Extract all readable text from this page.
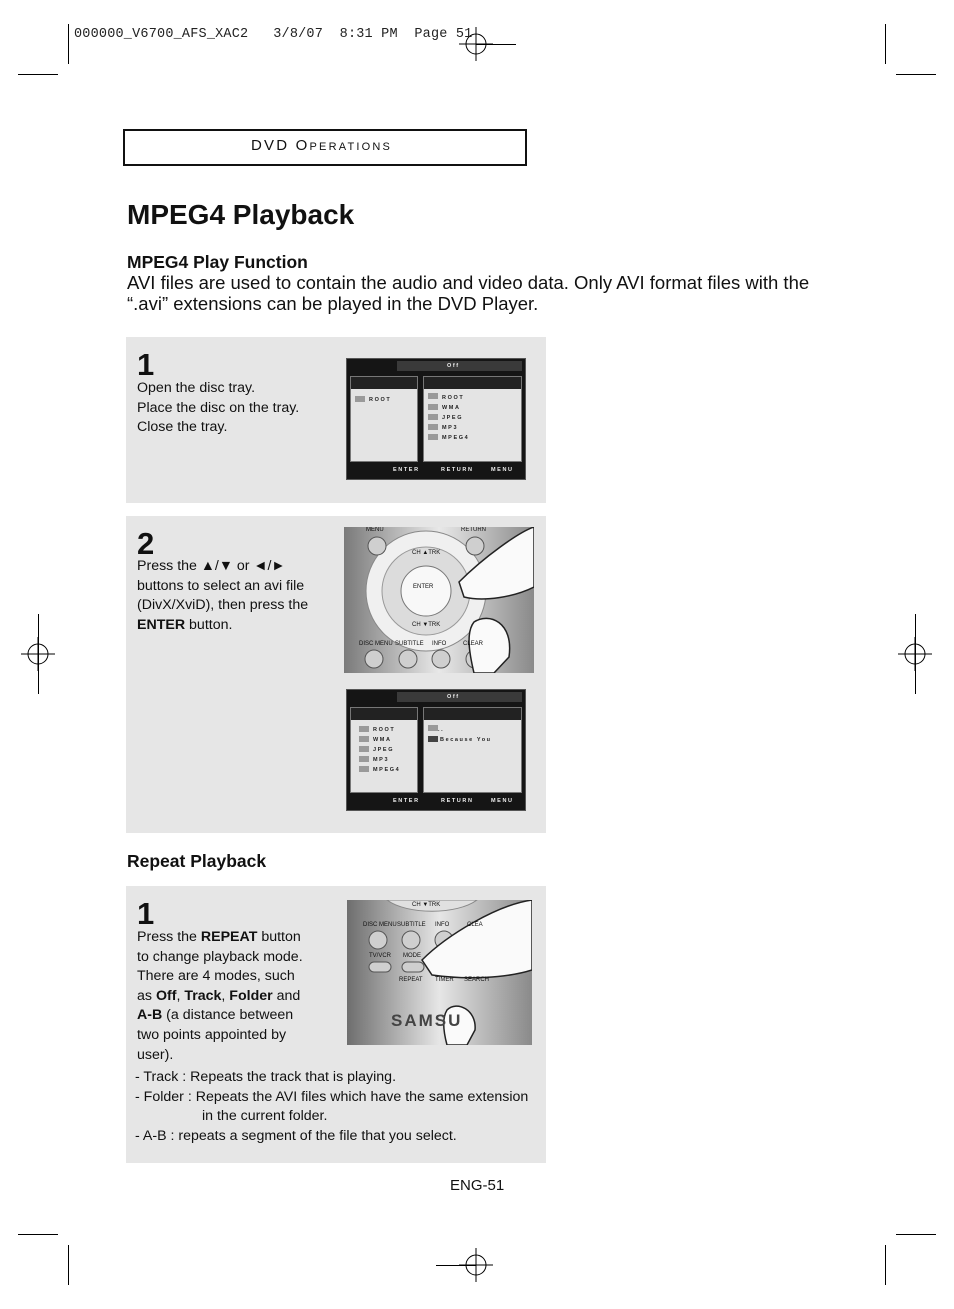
000000_V6700_AFS_XAC2   3/8/07  8:31 PM  Page 51
DVD Operations
MPEG4 Playback
MPEG4 Play Function

AVI files are used to contain the audio and video data. Only AVI format files with the “.avi” extensions can be played in the DVD Player.

1
Open the disc tray.
Place the disc on the tray.
Close the tray.
Off
ROOT	ROOT
WMA
JPEG
MP3
MPEG4
ENTER	RETURN	MENU
2
Press the ▲/▼ or ◄/► buttons to select an avi file (DivX/XviD), then press the ENTER button.
MENU	RETURN
CH ▲TRK
ENTER
CH ▼TRK
DISC MENU SUBTITLE INFO	CLEAR
Off
ROOT
WMA
JPEG
MP3
MPEG4
..
Because You
ENTER	RETURN	MENU
Repeat Playback
1
Press the REPEAT button to change playback mode. There are 4 modes, such as Off, Track, Folder and A-B (a distance between two points appointed by user).
CH ▼TRK
DISC MENU SUBTITLE INFO	CLEA
TV/VCR MODE
REPEAT TIMER SEARCH
SAMSU
- Track : Repeats the track that is playing.
- Folder : Repeats the AVI files which have the same extension
in the current folder.
- A-B : repeats a segment of the file that you select.
ENG-51
